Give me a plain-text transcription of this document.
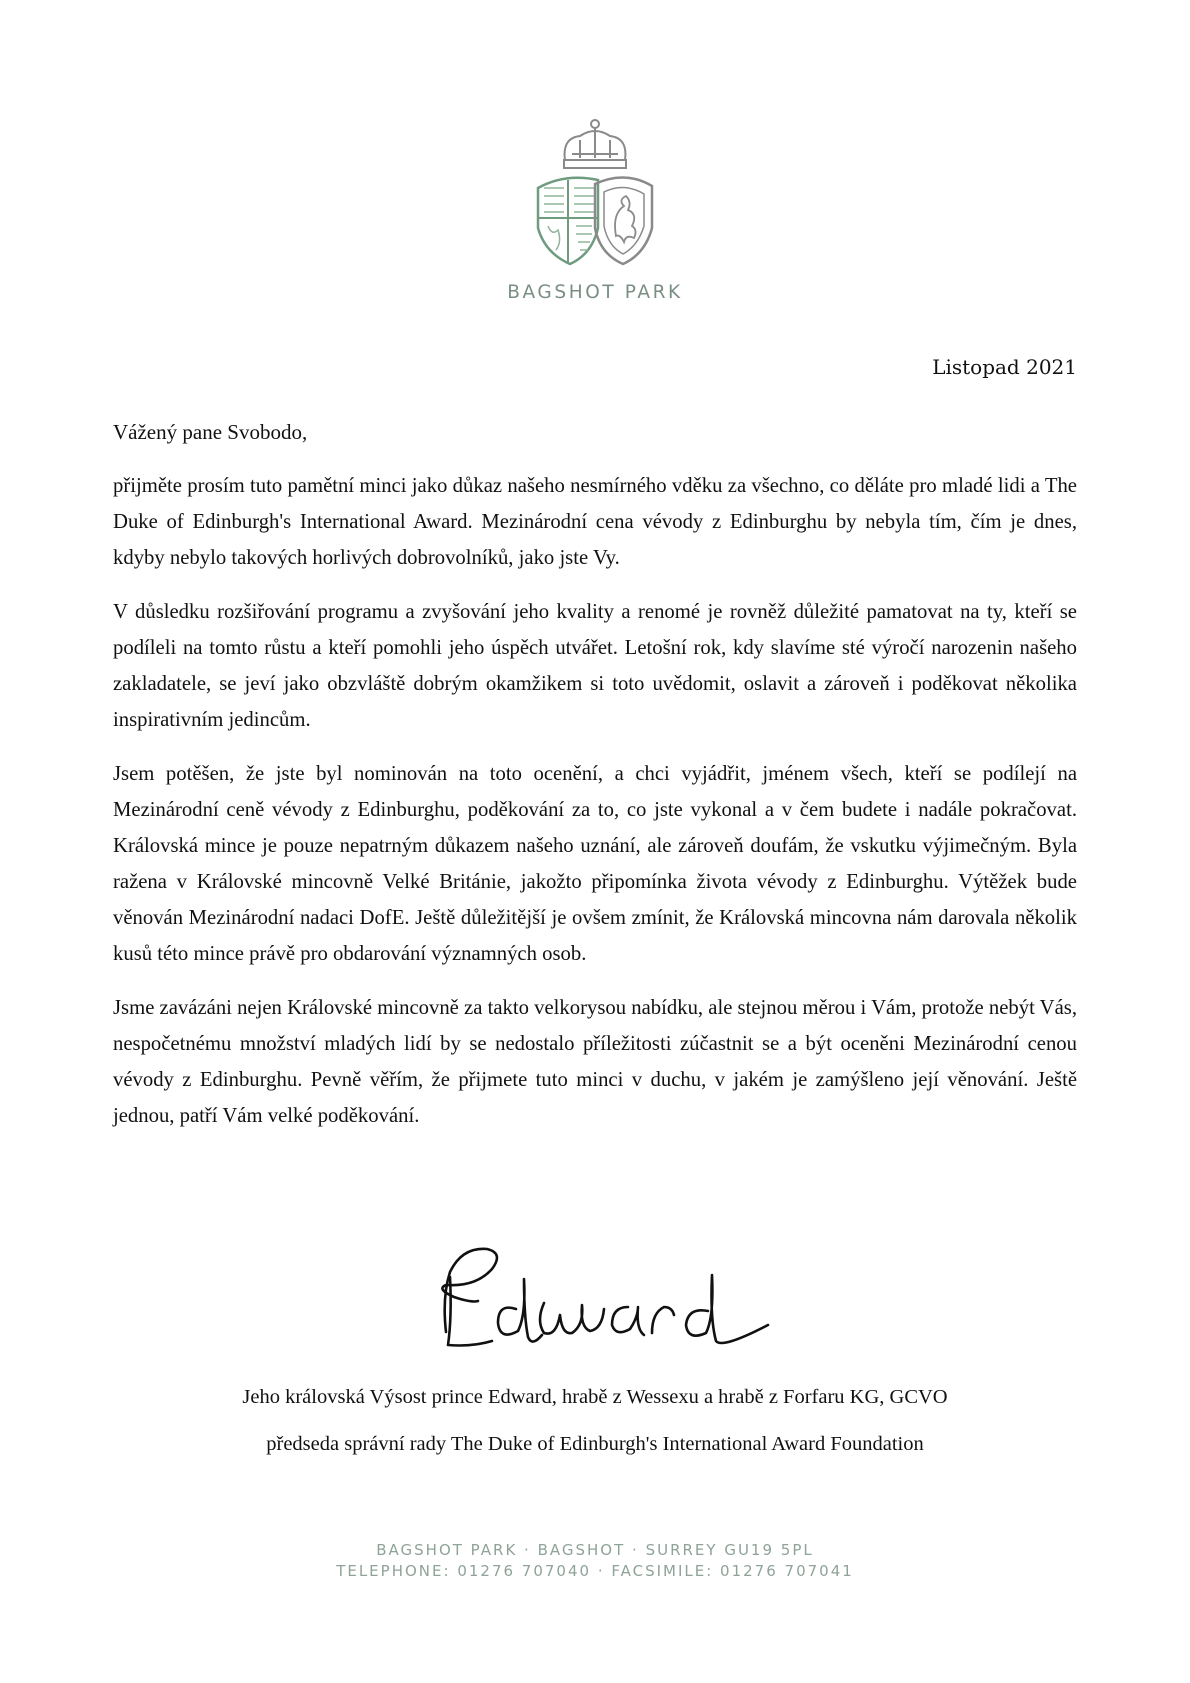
BAGSHOT PARK
Listopad 2021
Vážený pane Svobodo,

přijměte prosím tuto pamětní minci jako důkaz našeho nesmírného vděku za všechno, co děláte pro mladé lidi a The Duke of Edinburgh's International Award. Mezinárodní cena vévody z Edinburghu by nebyla tím, čím je dnes, kdyby nebylo takových horlivých dobrovolníků, jako jste Vy.

V důsledku rozšiřování programu a zvyšování jeho kvality a renomé je rovněž důležité pamatovat na ty, kteří se podíleli na tomto růstu a kteří pomohli jeho úspěch utvářet. Letošní rok, kdy slavíme sté výročí narozenin našeho zakladatele, se jeví jako obzvláště dobrým okamžikem si toto uvědomit, oslavit a zároveň i poděkovat několika inspirativním jedincům.

Jsem potěšen, že jste byl nominován na toto ocenění, a chci vyjádřit, jménem všech, kteří se podílejí na Mezinárodní ceně vévody z Edinburghu, poděkování za to, co jste vykonal a v čem budete i nadále pokračovat. Královská mince je pouze nepatrným důkazem našeho uznání, ale zároveň doufám, že vskutku výjimečným. Byla ražena v Královské mincovně Velké Británie, jakožto připomínka života vévody z Edinburghu. Výtěžek bude věnován Mezinárodní nadaci DofE. Ještě důležitější je ovšem zmínit, že Královská mincovna nám darovala několik kusů této mince právě pro obdarování významných osob.

Jsme zavázáni nejen Královské mincovně za takto velkorysou nabídku, ale stejnou měrou i Vám, protože nebýt Vás, nespočetnému množství mladých lidí by se nedostalo příležitosti zúčastnit se a být oceněni Mezinárodní cenou vévody z Edinburghu. Pevně věřím, že přijmete tuto minci v duchu, v jakém je zamýšleno její věnování. Ještě jednou, patří Vám velké poděkování.

Jeho královská Výsost prince Edward, hrabě z Wessexu a hrabě z Forfaru KG, GCVO
předseda správní rady The Duke of Edinburgh's International Award Foundation
BAGSHOT PARK · BAGSHOT · SURREY GU19 5PL
TELEPHONE: 01276 707040 · FACSIMILE: 01276 707041
